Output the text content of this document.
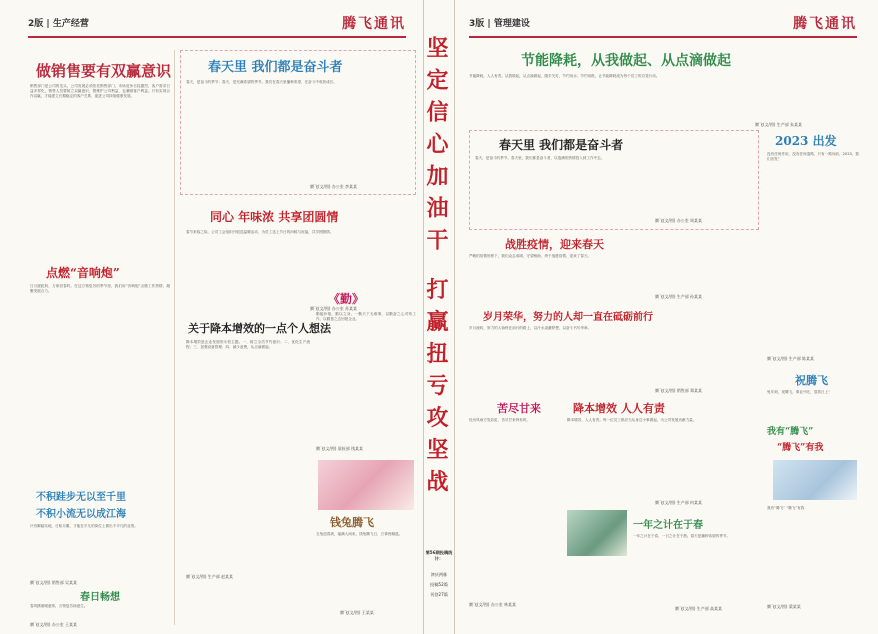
2版 | 生产经营	腾飞通讯
做销售要有双赢意识
销售部门是公司的龙头，公司发展必须依托销售部门。市场竞争日趋激烈，客户需求日益多样化，销售人员要树立双赢意识，既维护公司利益，也兼顾客户利益。只有实现合作双赢，才能建立长期稳定的客户关系，促进公司持续健康发展。
点燃“音响炮”
日月蹉跎转，万象回春时。在这万物复苏的季节里，我们用“音响炮”点燃工作热情，凝聚发展合力。
不积跬步无以至千里
不积小流无以成江海
只有脚踏实地，日积月累，才能在平凡的岗位上做出不平凡的业绩。
腾飞(文/图) 销售部 吴某某
春日畅想
春风拂面暖意浓，万物复苏绿意生。
腾飞(文/图) 办公室 王某某
春天里 我们都是奋斗者
春天，是奋斗的季节；春天，是充满希望的季节。我们在春天里播种希望，在奋斗中收获成长。
腾飞(文/图) 办公室 李某某
同心 年味浓 共享团圆情
春节来临之际，公司工会组织开展送温暖活动，为员工送上节日的问候与祝福，共享团圆情。
腾飞(文/图) 办公室 苏某某
关于降本增效的一点个人想法
降本增效是企业发展的永恒主题。一、树立全员节约意识；二、优化生产流程；三、加强设备管理；四、减少浪费，从点滴做起。
腾飞(文/图) 生产部 赵某某
《勤》
勤能补拙，勤以立身。一勤天下无难事，以勤奋之心对待工作，以勤恳之态回报企业。
腾飞(文/图) 质检部 钱某某
钱兔腾飞
玉兔迎春到，福满人间来。钱兔腾飞日，万事皆顺遂。
腾飞(文/图) 王某某
坚定信心加油干 打赢扭亏攻坚战
第56期投稿统计：
津庆两栋
投稿52篇
刊登27篇
3版 | 管理建设	腾飞通讯
节能降耗，从我做起、从点滴做起
节能降耗，人人有责。从我做起，从点滴做起，随手关灯、节约用水、节约用纸，让节能降耗成为每个员工的自觉行动。
腾飞(文/图) 生产部 朱某某
春天里 我们都是奋斗者
春天，是奋斗的季节。春天里，我们都是奋斗者，以饱满的热情投入到工作中去。
腾飞(文/图) 办公室 周某某
2023 出发
没有任何作用，没有任何退路，只有一路向前，2023，我们出发！
腾飞(文/图) 生产部 陈某某
战胜疫情，迎来春天
严峻的疫情形势下，我们众志成城、守望相助，终于战胜疫情，迎来了春天。
腾飞(文/图) 生产部 孙某某
岁月荣华，努力的人却一直在砥砺前行
岁月流转，努力的人始终在前行的路上，以汗水浇灌梦想，以奋斗书写华章。
腾飞(文/图) 销售部 郑某某
苦尽甘来
经历风雨方见彩虹，苦尽甘来终有时。
腾飞(文/图) 办公室 林某某
降本增效 人人有责
降本增效，人人有责。每一位员工都应当从身边小事做起，为公司发展贡献力量。
腾飞(文/图) 生产部 何某某
一年之计在于春
一年之计在于春，一日之计在于晨。春天是播种希望的季节。
腾飞(文/图) 生产部 高某某
祝腾飞
兔年到，祝腾飞，事业兴旺，蒸蒸日上！
我有“腾飞”
“腾飞”有我
我有“腾飞” “腾飞”有我
腾飞(文/图) 梁某某
